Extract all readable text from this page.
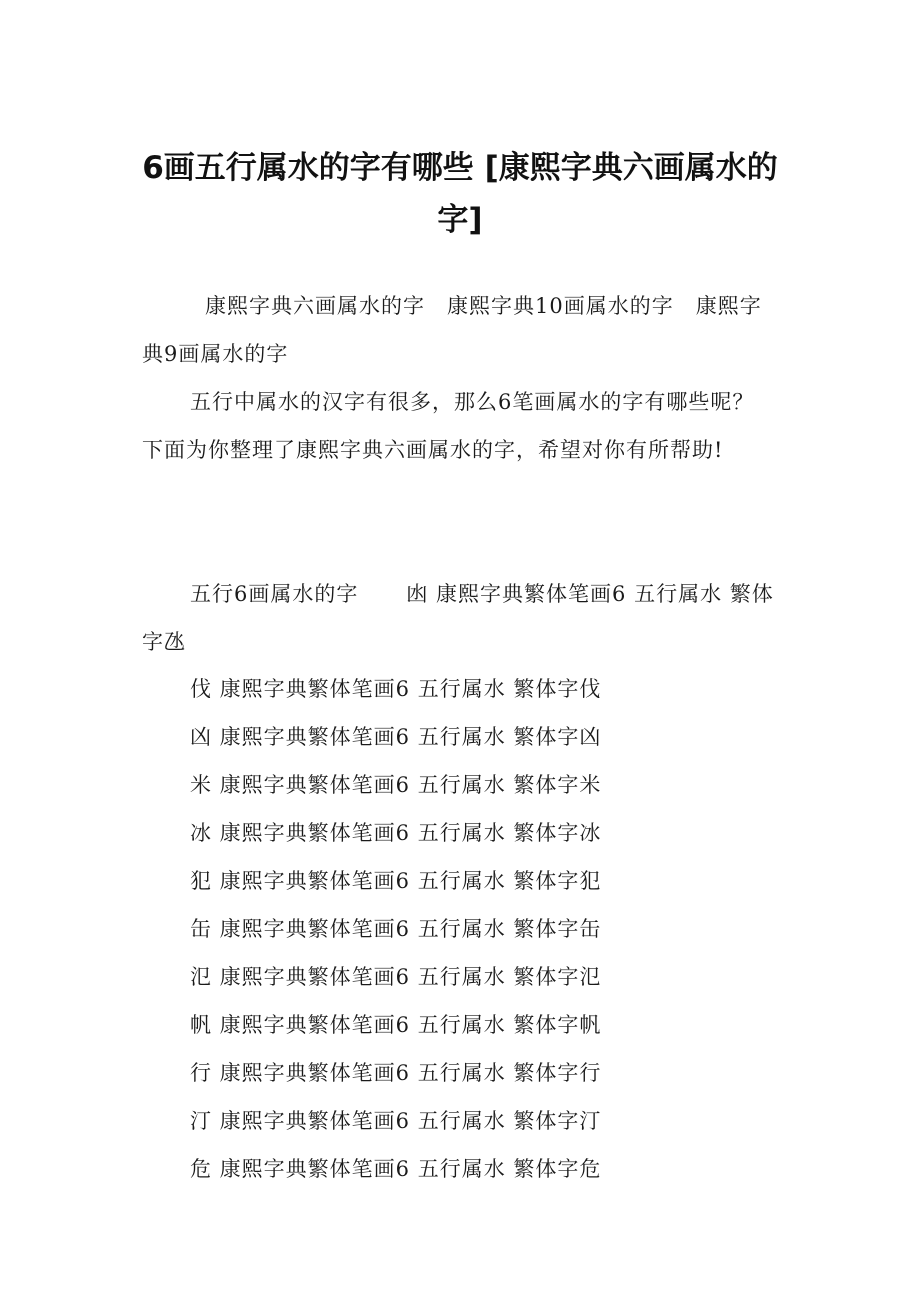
6画五行属水的字有哪些 [康熙字典六画属水的字]
康熙字典六画属水的字　康熙字典10画属水的字　康熙字典9画属水的字
五行中属水的汉字有很多，那么6笔画属水的字有哪些呢？下面为你整理了康熙字典六画属水的字，希望对你有所帮助!
五行6画属水的字 凼 康熙字典繁体笔画6 五行属水 繁体字氹
伐 康熙字典繁体笔画6 五行属水 繁体字伐
凶 康熙字典繁体笔画6 五行属水 繁体字凶
米 康熙字典繁体笔画6 五行属水 繁体字米
冰 康熙字典繁体笔画6 五行属水 繁体字冰
犯 康熙字典繁体笔画6 五行属水 繁体字犯
缶 康熙字典繁体笔画6 五行属水 繁体字缶
氾 康熙字典繁体笔画6 五行属水 繁体字氾
帆 康熙字典繁体笔画6 五行属水 繁体字帆
行 康熙字典繁体笔画6 五行属水 繁体字行
汀 康熙字典繁体笔画6 五行属水 繁体字汀
危 康熙字典繁体笔画6 五行属水 繁体字危
